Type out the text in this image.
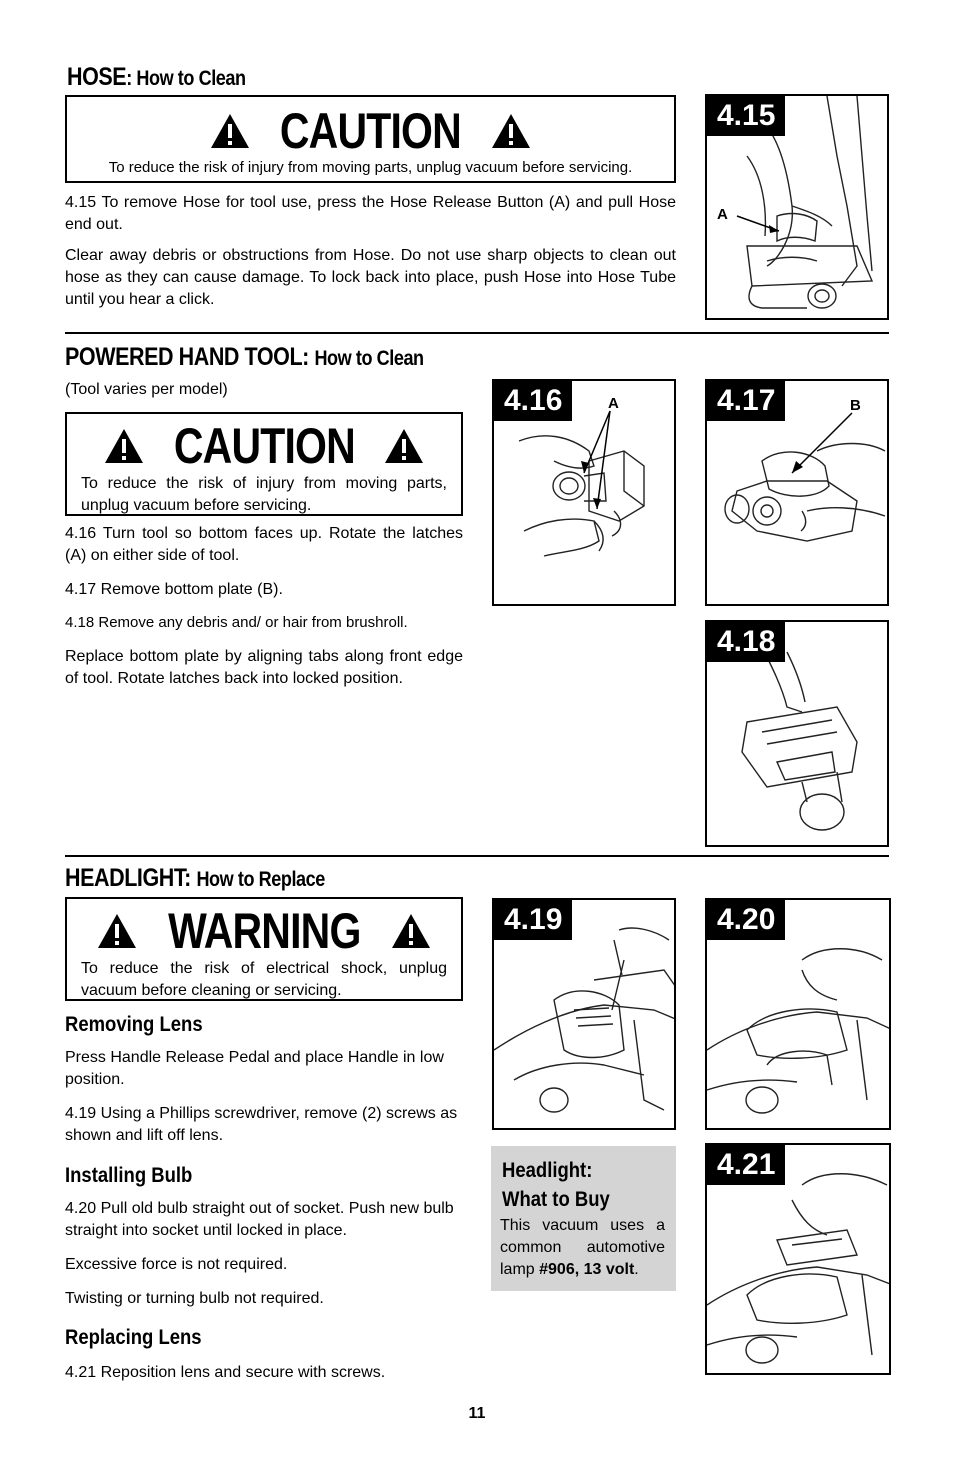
HOSE: How to Clean
CAUTION
To reduce the risk of injury from moving parts, unplug vacuum before servicing.
4.15 To remove Hose for tool use, press the Hose Release Button (A) and pull Hose end out.
Clear away debris or obstructions from Hose. Do not use sharp objects to clean out hose as they can cause damage. To lock back into place, push Hose into Hose Tube until you hear a click.
4.15
A
POWERED HAND TOOL: How to Clean
(Tool varies per model)
CAUTION
To reduce the risk of injury from moving parts, unplug vacuum before servicing.
4.16 Turn tool so bottom faces up. Rotate the latches (A) on either side of tool.
4.17 Remove bottom plate (B).
4.18 Remove any debris and/ or hair from brushroll.
Replace bottom plate by aligning tabs along front edge of tool. Rotate latches back into locked position.
4.16	A	4.17	B
4.18
HEADLIGHT: How to Replace
WARNING
To reduce the risk of electrical shock, unplug vacuum before cleaning or servicing.
Removing Lens
Press Handle Release Pedal and place Handle in low position.
4.19 Using a Phillips screwdriver, remove (2) screws as shown and lift off lens.
Installing Bulb
4.20 Pull old bulb straight out of socket. Push new bulb straight into socket until locked in place.
Excessive force is not required.
Twisting or turning bulb not required.
Replacing Lens
4.21 Reposition lens and secure with screws.
4.19	4.20
Headlight:
What to Buy
This vacuum uses a common automotive lamp #906, 13 volt.
4.21
11
